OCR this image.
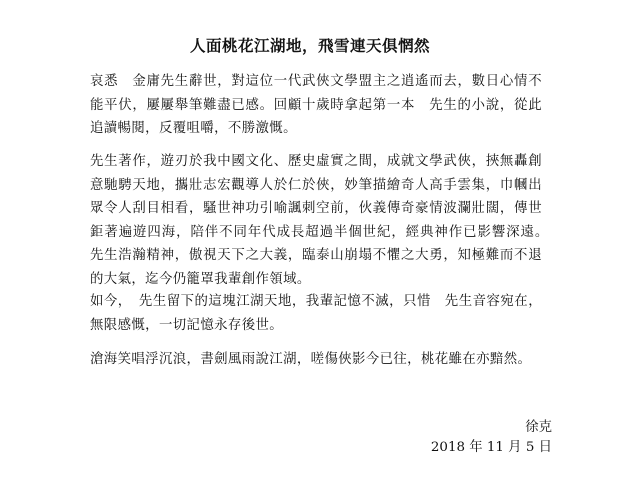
人面桃花江湖地，飛雪連天俱惘然
哀悉　金庸先生辭世，對這位一代武俠文學盟主之逍遙而去，數日心情不能平伏，屢屢舉筆難盡已感。回顧十歲時拿起第一本　先生的小說，從此追讀暢閱，反覆咀嚼，不勝激慨。
先生著作，遊刃於我中國文化、歷史虛實之間，成就文學武俠，挾無轟創意馳騁天地，攜壯志宏觀導人於仁於俠，妙筆描繪奇人高手雲集，巾幗出眾令人刮目相看，騷世神功引喻諷刺空前，伙義傳奇豪情波瀾壯闊，傳世鉅著遍遊四海，陪伴不同年代成長超過半個世紀，經典神作已影響深遠。　先生浩瀚精神，傲視天下之大義，臨泰山崩塌不懼之大勇，知極難而不退的大氣，迄今仍籠罩我輩創作領域。
如今，　先生留下的這塊江湖天地，我輩記憶不滅，只惜　先生音容宛在，無限感慨，一切記憶永存後世。
滄海笑唱浮沉浪，書劍風雨說江湖，嗟傷俠影今已往，桃花雖在亦黯然。
徐克
2018 年 11 月 5 日
